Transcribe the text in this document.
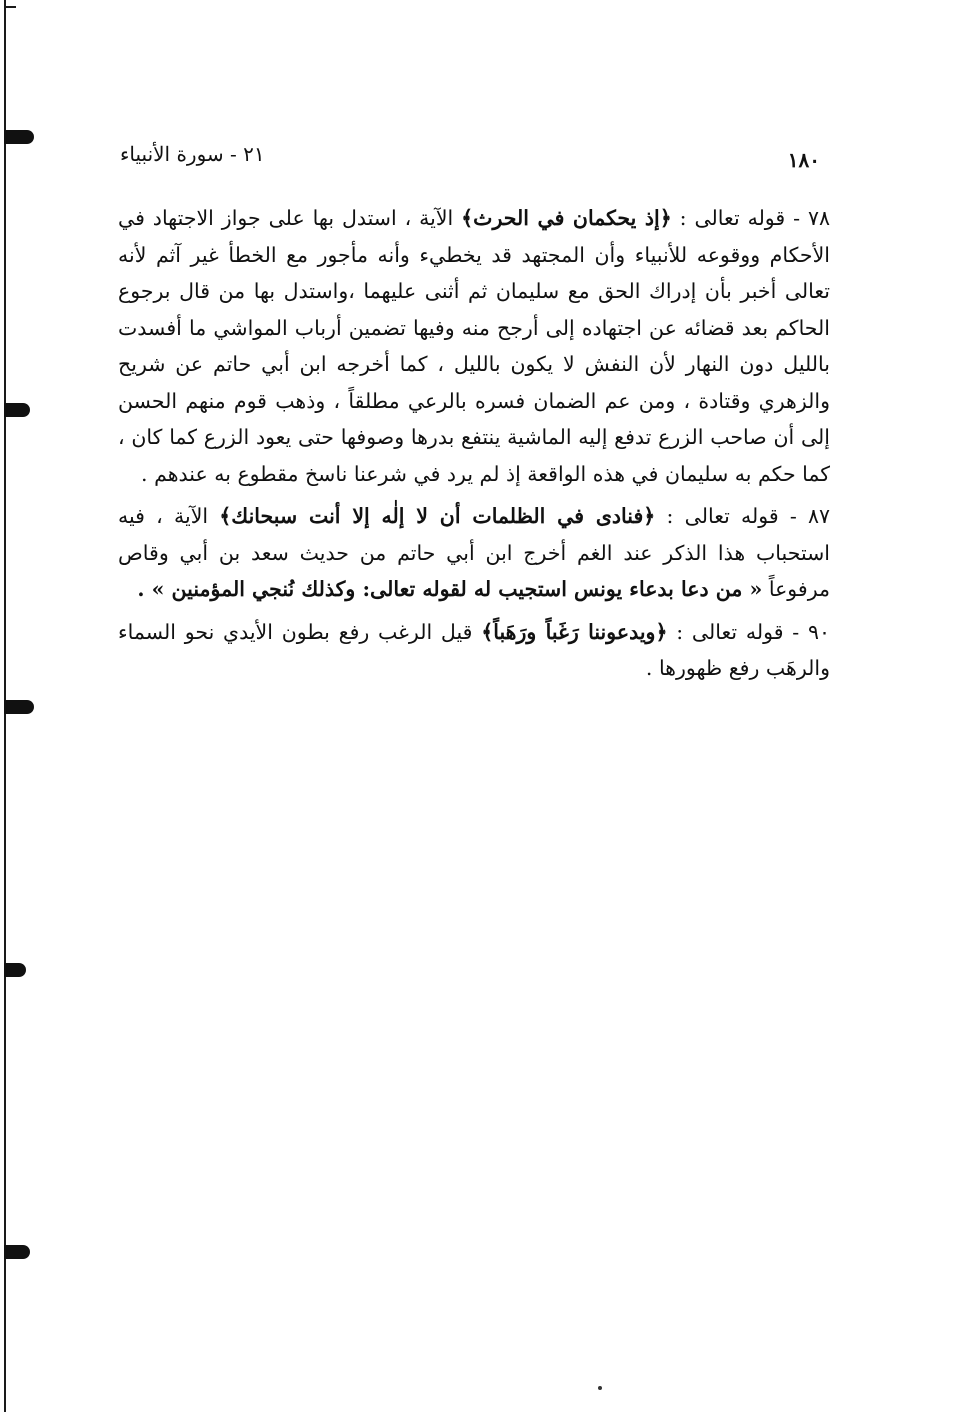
١٨٠
٢١ - سورة الأنبياء

٧٨ - قوله تعالى : ﴿إذ يحكمان في الحرث﴾ الآية ، استدل بها على جواز الاجتهاد في الأحكام ووقوعه للأنبياء وأن المجتهد قد يخطيء وأنه مأجور مع الخطأ غير آثم لأنه تعالى أخبر بأن إدراك الحق مع سليمان ثم أثنى عليهما ،واستدل بها من قال برجوع الحاكم بعد قضائه عن اجتهاده إلى أرجح منه وفيها تضمين أرباب المواشي ما أفسدت بالليل دون النهار لأن النفش لا يكون بالليل ، كما أخرجه ابن أبي حاتم عن شريح والزهري وقتادة ، ومن عم الضمان فسره بالرعي مطلقاً ، وذهب قوم منهم الحسن إلى أن صاحب الزرع تدفع إليه الماشية ينتفع بدرها وصوفها حتى يعود الزرع كما كان ، كما حكم به سليمان في هذه الواقعة إذ لم يرد في شرعنا ناسخ مقطوع به عندهم .

٨٧ - قوله تعالى : ﴿فنادى في الظلمات أن لا إلٰه إلا أنت سبحانك﴾ الآية ، فيه استحباب هذا الذكر عند الغم أخرج ابن أبي حاتم من حديث سعد بن أبي وقاص مرفوعاً « من دعا بدعاء يونس استجيب له لقوله تعالى: وكذلك نُنجي المؤمنين » .

٩٠ - قوله تعالى : ﴿ويدعوننا رَغَباً ورَهَباً﴾ قيل الرغب رفع بطون الأيدي نحو السماء والرهَب رفع ظهورها .
